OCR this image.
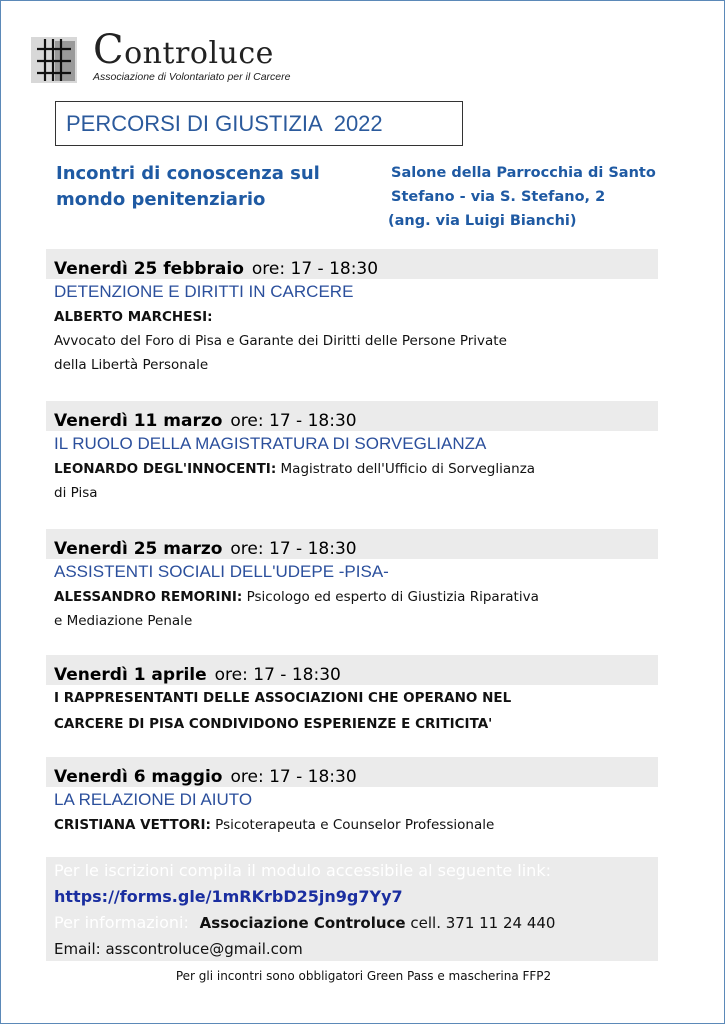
Controluce
Associazione di Volontariato per il Carcere
PERCORSI DI GIUSTIZIA  2022
Incontri di conoscenza sul
mondo penitenziario
Salone della Parrocchia di Santo
Stefano - via S. Stefano, 2
(ang. via Luigi Bianchi)
Venerdì 25 febbraio ore: 17 - 18:30
DETENZIONE E DIRITTI IN CARCERE
ALBERTO MARCHESI:
Avvocato del Foro di Pisa e Garante dei Diritti delle Persone Private
della Libertà Personale
Venerdì 11 marzo ore: 17 - 18:30
IL RUOLO DELLA MAGISTRATURA DI SORVEGLIANZA
LEONARDO DEGL'INNOCENTI: Magistrato dell'Ufficio di Sorveglianza
di Pisa
Venerdì 25 marzo ore: 17 - 18:30
ASSISTENTI SOCIALI DELL'UDEPE -PISA-
ALESSANDRO REMORINI: Psicologo ed esperto di Giustizia Riparativa
e Mediazione Penale
Venerdì 1 aprile ore: 17 - 18:30
I RAPPRESENTANTI DELLE ASSOCIAZIONI CHE OPERANO NEL
CARCERE DI PISA CONDIVIDONO ESPERIENZE E CRITICITA'
Venerdì 6 maggio ore: 17 - 18:30
LA RELAZIONE DI AIUTO
CRISTIANA VETTORI: Psicoterapeuta e Counselor Professionale
Per le iscrizioni compila il modulo accessibile al seguente link:
https://forms.gle/1mRKrbD25jn9g7Yy7
Per informazioni: Associazione Controluce cell. 371 11 24 440
Email: asscontroluce@gmail.com
Per gli incontri sono obbligatori Green Pass e mascherina FFP2
